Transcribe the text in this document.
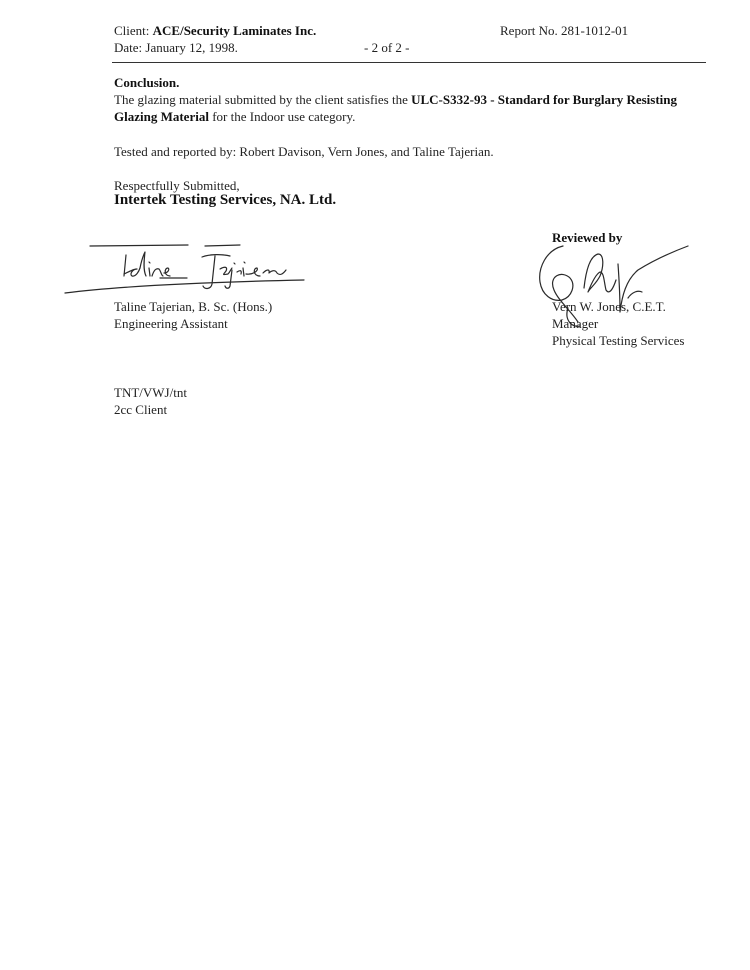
Client: ACE/Security Laminates Inc.	Report No. 281-1012-01
Date: January 12, 1998.	- 2 of 2 -
Conclusion.
The glazing material submitted by the client satisfies the ULC-S332-93 - Standard for Burglary Resisting Glazing Material for the Indoor use category.
Tested and reported by: Robert Davison, Vern Jones, and Taline Tajerian.
Respectfully Submitted,
Intertek Testing Services, NA. Ltd.
Taline Tajerian, B. Sc. (Hons.)
Engineering Assistant
Reviewed by
Vern W. Jones, C.E.T.
Manager
Physical Testing Services
TNT/VWJ/tnt
2cc Client
